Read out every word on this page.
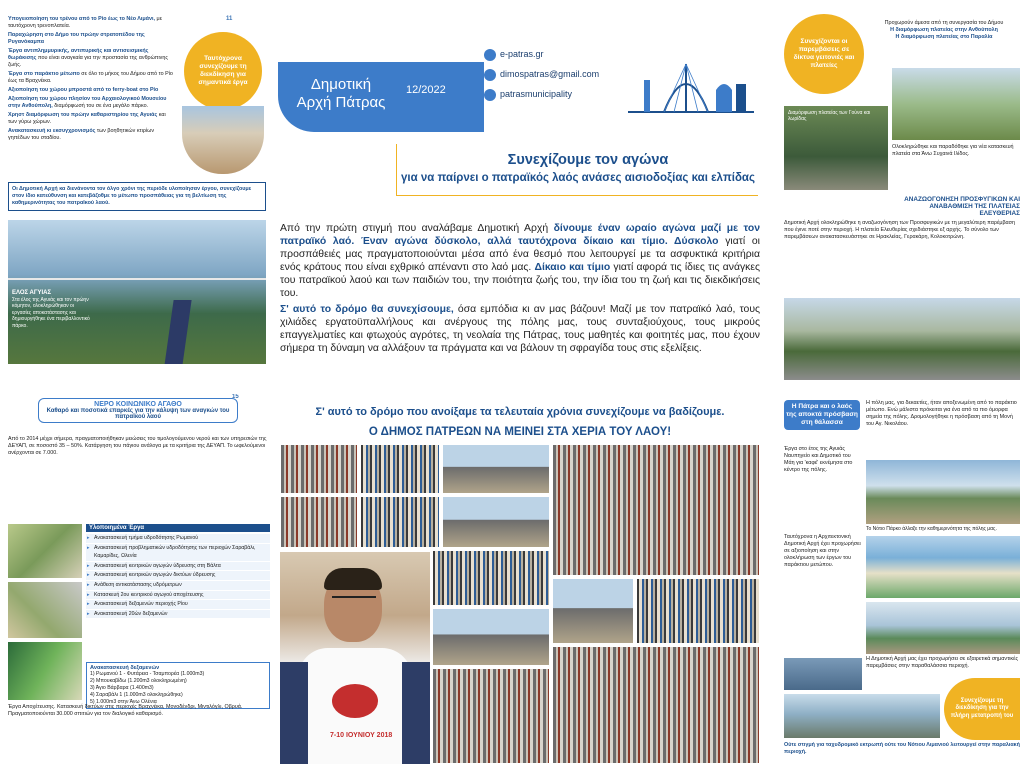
11

Υπογειοποίηση του τρένου από το Ρίο έως το Νέο Λιμάνι, με ταυτόχρονη τρενοπλατεία.

Παραχώρηση στο Δήμο του πρώην στρατοπέδου της Ρυγανόκαμπα

Έργα αντιπλημμυρικής, αντιπυρικής και αντισεισμικής θωράκισης που είναι αναγκαία για την προστασία της ανθρώπινης ζωής.

Έργα στο παράκτιο μέτωπο σε όλο το μήκος του Δήμου από το Ρίο έως τα Βραχνέικα.

Αξιοποίηση του χώρου μπροστά από το ferry-boat στο Ρίο

Αξιοποίηση του χώρου πλησίον του Αρχαιολογικού Μουσείου στην Ανθούπολη, διαμόρφωσή του σε ένα μεγάλο πάρκο.

Χρηστ διαμόρφωση του πρώην καθαριστηρίου της Αγυιάς και των γύρω χώρων.

Ανακατασκευή κι εκσυγχρονισμός των βοηθητικών κτιρίων γηπέδων του σταδίου.

Ταυτόχρονα συνεχίζουμε τη διεκδίκηση για σημαντικά έργα
Οι Δημοτική Αρχή κα διενάνοντα τον όλγο χρόνι της περιόδε υλοποίησαν έργου, συνεχίζουμε στον ίδιο κατεύθυνση και κατεβάζοθμε το μέτωπο προσπάθειας για τη βελτίωση της καθημερινότητας του πατραϊκού λαού.
ΕΛΟΣ ΑΓΥΙΑΣ
Στα έλος της Αγυιάς και τον πρώην κόμητον, ολοκληρώθηκαν οι εργασίες αποκατάστασης και δημιουργήθηκε ένα περιβαλλοντικό πάρκο.
Δημοτική
Αρχή Πάτρας
12/2022
e-patras.gr
dimospatras@gmail.com
patrasmunicipality
Συνεχίζουμε τον αγώνα
για να παίρνει ο πατραϊκός λαός ανάσες αισιοδοξίας και ελπίδας

Από την πρώτη στιγμή που αναλάβαμε Δημοτική Αρχή δίνουμε έναν ωραίο αγώνα μαζί με τον πατραϊκό λαό. Έναν αγώνα δύσκολο, αλλά ταυτόχρονα δίκαιο και τίμιο. Δύσκολο γιατί οι προσπάθειές μας πραγματοποιούνται μέσα από ένα θεσμό που λειτουργεί με τα ασφυκτικά κριτήρια ενός κράτους που είναι εχθρικό απέναντι στο λαό μας. Δίκαιο και τίμιο γιατί αφορά τις ίδιες τις ανάγκες του πατραϊκού λαού και των παιδιών του, την ποιότητα ζωής του, την ίδια του τη ζωή και τις διεκδικήσεις του.

Σ' αυτό το δρόμο θα συνεχίσουμε, όσα εμπόδια κι αν μας βάζουν! Μαζί με τον πατραϊκό λαό, τους χιλιάδες εργατοϋπαλλήλους και ανέργους της πόλης μας, τους συνταξιούχους, τους μικρούς επαγγελματίες και φτωχούς αγρότες, τη νεολαία της Πάτρας, τους μαθητές και φοιτητές μας, που έχουν σήμερα τη δύναμη να αλλάξουν τα πράγματα και να βάλουν τη σφραγίδα τους στις εξελίξεις.

Σ' αυτό το δρόμο που ανοίξαμε τα τελευταία χρόνια συνεχίζουμε να βαδίζουμε.
Ο ΔΗΜΟΣ ΠΑΤΡΕΩΝ ΝΑ ΜΕΙΝΕΙ ΣΤΑ ΧΕΡΙΑ ΤΟΥ ΛΑΟΥ!
7-10 ΙΟΥΝΙΟΥ 2018
15
ΝΕΡΟ ΚΟΙΝΩΝΙΚΟ ΑΓΑΘΟ
Καθαρό και ποσοτικά επαρκές για την κάλυψη των αναγκών του πατραϊκού λαού
Από το 2014 μέχρι σήμερα, πραγματοποιήθηκαν μειώσεις του τιμολογούμενου νερού και των υπηρεσιών της ΔΕΥΑΠ, σε ποσοστό 35 – 50%. Κατάργηση του πάγιου ανάλογα με τα κριτήρια της ΔΕΥΑΠ. Το ωφελούμενοι ανέρχονται σε 7.000.
Υλοποιημένα Έργα
▸ Ανακατασκευή τμήμα υδροδότησης Ρωμανού
▸ Ανακατασκευή προβληματικών υδροδότησης των περιοχών Σαραβάλι, Καμαρίδες, Ωλενία
▸ Ανακατασκευή κεντρικών αγωγών ύδρευσης στη Βάλτα
▸ Ανακατασκευή κεντρικών αγωγών δικτύων ύδρευσης
▸ Ανάθεση αντικατάστασης υδρόμετρων
▸ Κατασκευή 2ου κεντρικού αγωγού αποχέτευσης
▸ Ανακατασκευή δεξαμενών περιοχής Ρίου
▸ Ανακατασκευή 20ών δεξαμενών
Ανακατασκευή δεξαμενών
1) Ρωμανού 1 - Φυτάρεια - Τσαμπορέα (1.000m3)
2) Μπουκαβίδω (1.200m3 ολοκληρωμένη)
3) Άγιο Βάρβαρα (1.400m3)
4) Σαραβάλι 1 (1.000m3 ολοκληρώθηκε)
5) 1.000m3 στην Άνω Ολένια
Έργα Αποχέτευσης. Κατασκευή δικτύων στις περιοχές Βραχνέικα, Μονοδένδρι, Μιντιλόγλι, Οβρυά. Πραγματοποιούνται 30.000 σπιτιών για τον διαλογικό καθαρισμό.
Συνεχίζονται οι παρεμβάσεις σε δίκτυα γειτονιές και πλατείες
Προχωρούν άμεσα από τη συνεργασία του Δήμου
Η διαμόρφωση πλατείας στην Ανθούπολη
Η διαμόρφωση πλατείας στο Παραλία
Διαμόρφωση πλατείας των Γούνα και λωρίδας
Ολοκληρώθηκε και παραδόθηκε για νέα κατασκευή πλατεία στα Άνω Συχαινά Ιλίδος.
ΑΝΑΖΩΟΓΟΝΗΣΗ ΠΡΟΣΦΥΓΙΚΩΝ ΚΑΙ ΑΝΑΒΑΘΜΙΣΗ ΤΗΣ ΠΛΑΤΕΙΑΣ ΕΛΕΥΘΕΡΙΑΣ
Δημοτική Αρχή ολοκληρώθηκε η αναζωογόνηση των Προσφυγικών με τη μεγαλύτερη παρέμβαση που έγινε ποτέ στην περιοχή. Η πλατεία Ελευθερίας σχεδιάστηκε εξ αρχής. Το σύνολο των παρεμβάσεων ανακατασκευάστηκε σε Ηρακλείας, Γερακάρη, Κολοκοτρώνη.
Η Πάτρα και ο λαός της αποκτά πρόσβαση στη θάλασσα
Η πόλη μας, για δεκαετίες, ήταν αποξενωμένη από το παράκτιο μέτωπο. Ενώ μάλιστα πρόκειται για ένα από τα πιο όμορφα σημεία της πόλης. Δρομολογήθηκε η πρόσβαση από τη Μονή του Αγ. Νικολάου.
Έργα στο έτος της Αγυιάς Ναυπηγείο και Δημοτικό του Μάη για 'καφέ' εκνέμησα στο κέντρο της πόλης.
Το Νότιο Πάρκο άλλαξε την καθημερινότητα της πόλης μας.
Ταυτόχρονα η Αρχιτεκτονική Δημοτική Αρχή έχει προχωρήσει σε αξιοποίηση και στην ολοκλήρωση των έργων του παράκτιου μετώπου.
Η Δημοτική Αρχή μας έχει προχωρήσει σε εξαιρετικά σημαντικές παρεμβάσεις στην παραθαλάσσια περιοχή.
Συνεχίζουμε τη διεκδίκηση για την πλήρη μετατροπή του
Ούτε στιγμή για ταχυδρομικό εκτρωπή ούτε του Νότιου Λιμανιού λειτουργεί στην παραλιακή περιοχή.
